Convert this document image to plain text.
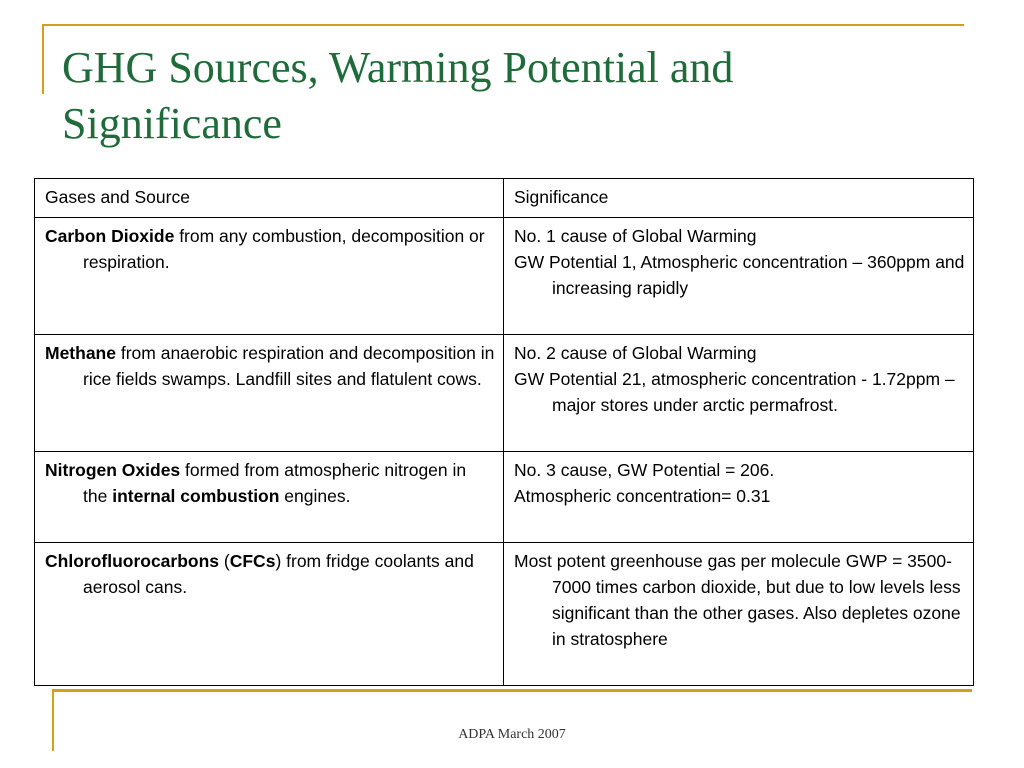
GHG Sources, Warming Potential and Significance
Gases and Source	Significance

Carbon Dioxide from any combustion, decomposition or respiration.	No. 1 cause of Global Warming

GW Potential 1, Atmospheric concentration – 360ppm and increasing rapidly

Methane from anaerobic respiration and decomposition in rice fields swamps. Landfill sites and flatulent cows.	No. 2 cause of Global Warming

GW Potential 21, atmospheric concentration - 1.72ppm – major stores under arctic permafrost.

Nitrogen Oxides formed from atmospheric nitrogen in the internal combustion engines.	No. 3 cause, GW Potential = 206.

Atmospheric concentration= 0.31

Chlorofluorocarbons (CFCs) from fridge coolants and aerosol cans.	Most potent greenhouse gas per molecule GWP = 3500-7000 times carbon dioxide, but due to low levels less significant than the other gases. Also depletes ozone in stratosphere

ADPA March 2007
